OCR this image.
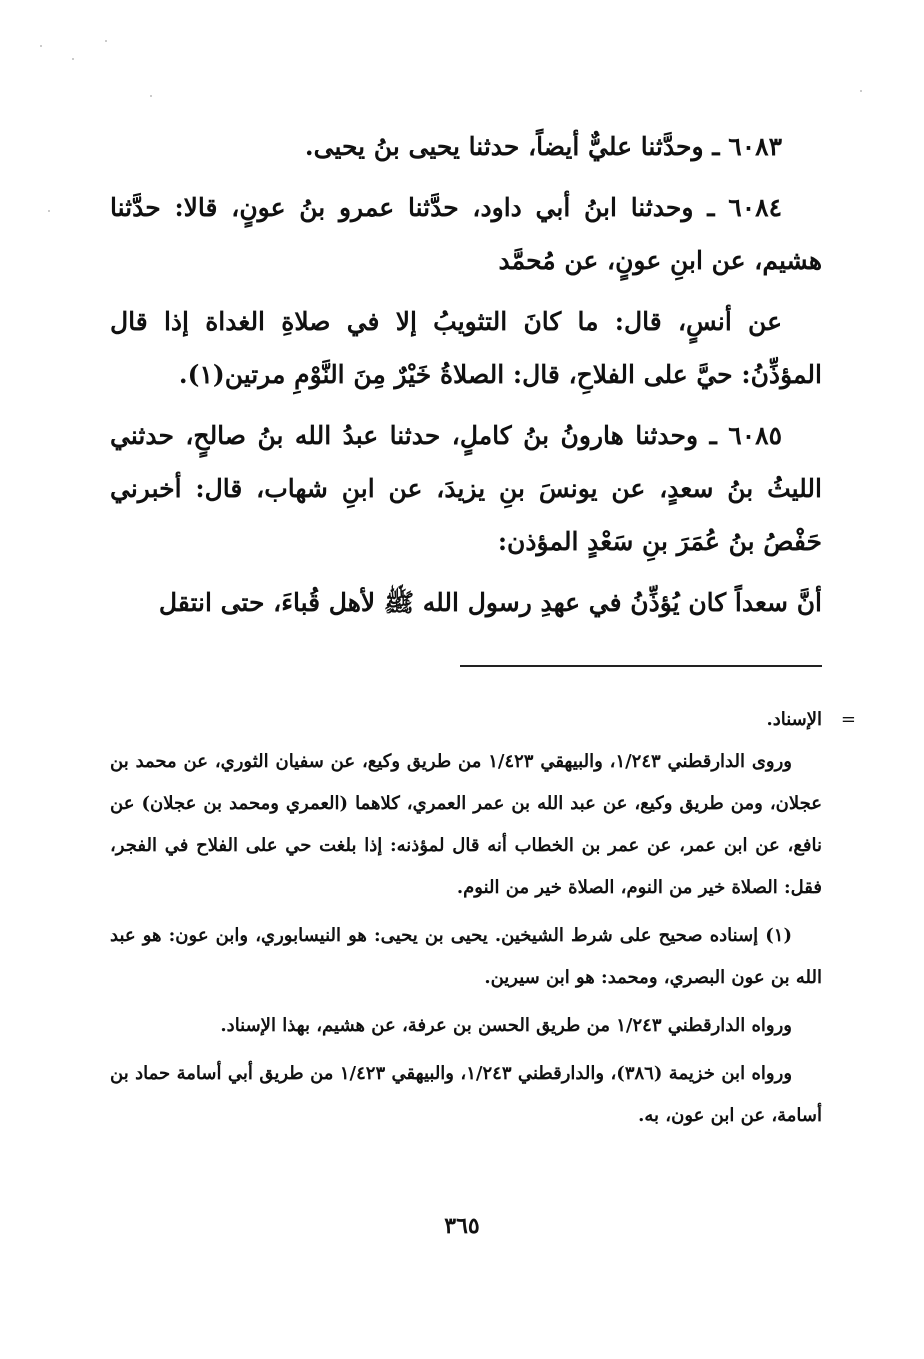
٦٠٨٣ ـ وحدَّثنا عليٌّ أيضاً، حدثنا يحيى بنُ يحيى.

٦٠٨٤ ـ وحدثنا ابنُ أبي داود، حدَّثنا عمرو بنُ عونٍ، قالا: حدَّثنا هشيم، عن ابنِ عونٍ، عن مُحمَّد

عن أنسٍ، قال: ما كانَ التثويبُ إلا في صلاةِ الغداة إذا قال المؤذِّنُ: حيَّ على الفلاحِ، قال: الصلاةُ خَيْرٌ مِنَ النَّوْمِ مرتين(١).

٦٠٨٥ ـ وحدثنا هارونُ بنُ كاملٍ، حدثنا عبدُ الله بنُ صالحٍ، حدثني الليثُ بنُ سعدٍ، عن يونسَ بنِ يزيدَ، عن ابنِ شهاب، قال: أخبرني حَفْصُ بنُ عُمَرَ بنِ سَعْدٍ المؤذن:

أنَّ سعداً كان يُؤذِّنُ في عهدِ رسول الله ﷺ لأهل قُباءَ، حتى انتقل

=

الإسناد.

وروى الدارقطني ١/٢٤٣، والبيهقي ١/٤٢٣ من طريق وكيع، عن سفيان الثوري، عن محمد بن عجلان، ومن طريق وكيع، عن عبد الله بن عمر العمري، كلاهما (العمري ومحمد بن عجلان) عن نافع، عن ابن عمر، عن عمر بن الخطاب أنه قال لمؤذنه: إذا بلغت حي على الفلاح في الفجر، فقل: الصلاة خير من النوم، الصلاة خير من النوم.

(١) إسناده صحيح على شرط الشيخين. يحيى بن يحيى: هو النيسابوري، وابن عون: هو عبد الله بن عون البصري، ومحمد: هو ابن سيرين.

ورواه الدارقطني ١/٢٤٣ من طريق الحسن بن عرفة، عن هشيم، بهذا الإسناد.

ورواه ابن خزيمة (٣٨٦)، والدارقطني ١/٢٤٣، والبيهقي ١/٤٢٣ من طريق أبي أسامة حماد بن أسامة، عن ابن عون، به.

٣٦٥
